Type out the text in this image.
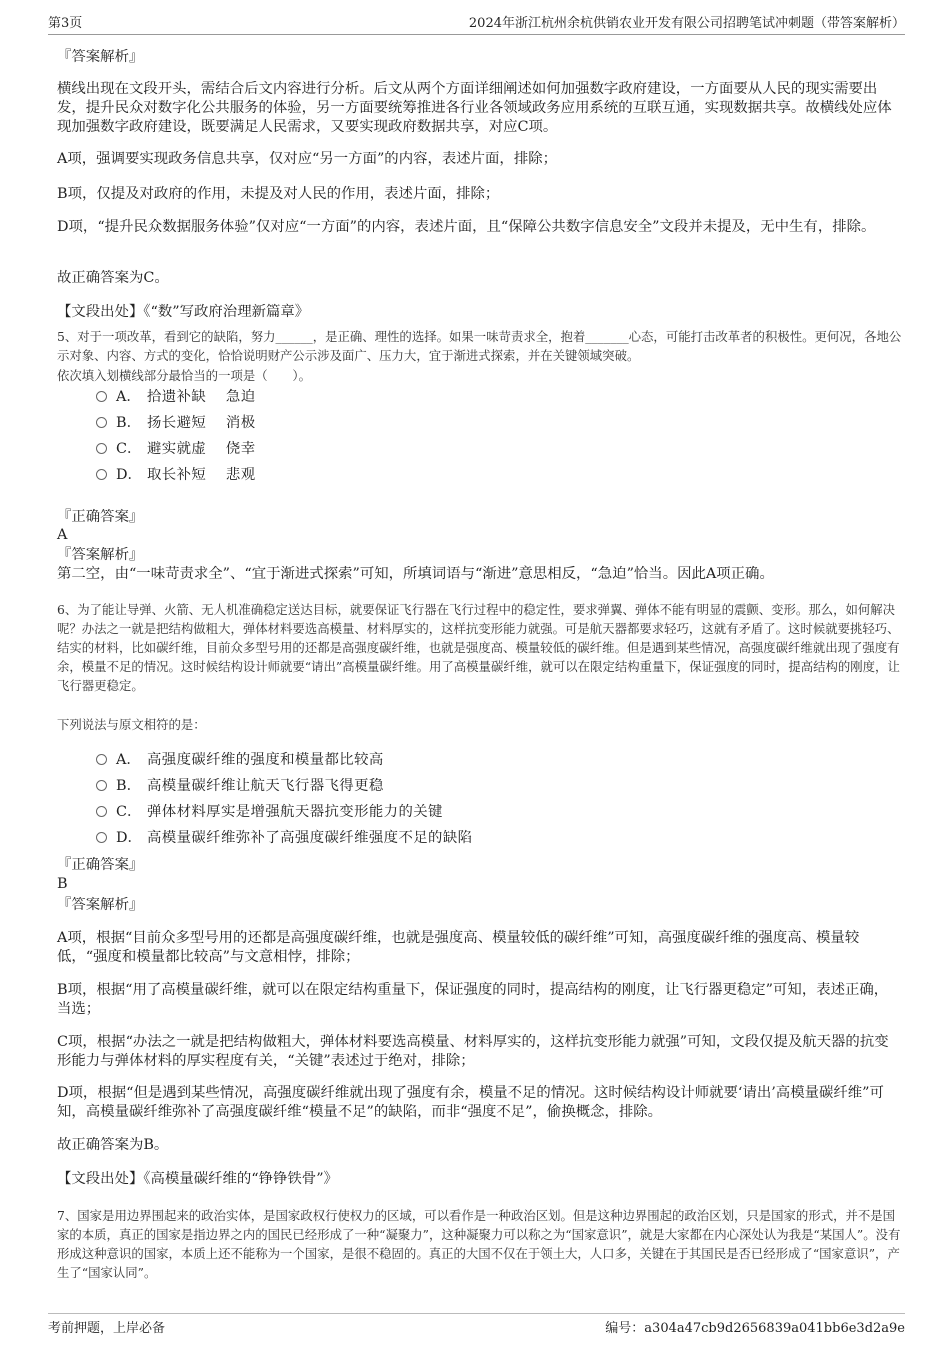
第3页	2024年浙江杭州余杭供销农业开发有限公司招聘笔试冲刺题（带答案解析）

『答案解析』

横线出现在文段开头，需结合后文内容进行分析。后文从两个方面详细阐述如何加强数字政府建设，一方面要从人民的现实需要出发，提升民众对数字化公共服务的体验，另一方面要统筹推进各行业各领域政务应用系统的互联互通，实现数据共享。故横线处应体现加强数字政府建设，既要满足人民需求，又要实现政府数据共享，对应C项。

A项，强调要实现政务信息共享，仅对应“另一方面”的内容，表述片面，排除；

B项，仅提及对政府的作用，未提及对人民的作用，表述片面，排除；

D项，“提升民众数据服务体验”仅对应“一方面”的内容，表述片面，且“保障公共数字信息安全”文段并未提及，无中生有，排除。

故正确答案为C。

【文段出处】《“数”写政府治理新篇章》

5、对于一项改革，看到它的缺陷，努力______，是正确、理性的选择。如果一味苛责求全，抱着_______心态，可能打击改革者的积极性。更何况，各地公示对象、内容、方式的变化，恰恰说明财产公示涉及面广、压力大，宜于渐进式探索，并在关键领域突破。

依次填入划横线部分最恰当的一项是（　　）。

A． 拾遗补缺　 急迫
B． 扬长避短　 消极
C． 避实就虚　 侥幸
D． 取长补短　 悲观

『正确答案』

A

『答案解析』

第二空，由“一味苛责求全”、“宜于渐进式探索”可知，所填词语与“渐进”意思相反，“急迫”恰当。因此A项正确。

6、为了能让导弹、火箭、无人机准确稳定送达目标，就要保证飞行器在飞行过程中的稳定性，要求弹翼、弹体不能有明显的震颤、变形。那么，如何解决呢？办法之一就是把结构做粗大，弹体材料要选高模量、材料厚实的，这样抗变形能力就强。可是航天器都要求轻巧，这就有矛盾了。这时候就要挑轻巧、结实的材料，比如碳纤维，目前众多型号用的还都是高强度碳纤维，也就是强度高、模量较低的碳纤维。但是遇到某些情况，高强度碳纤维就出现了强度有余，模量不足的情况。这时候结构设计师就要“请出”高模量碳纤维。用了高模量碳纤维，就可以在限定结构重量下，保证强度的同时，提高结构的刚度，让飞行器更稳定。

下列说法与原文相符的是：

A． 高强度碳纤维的强度和模量都比较高
B． 高模量碳纤维让航天飞行器飞得更稳
C． 弹体材料厚实是增强航天器抗变形能力的关键
D． 高模量碳纤维弥补了高强度碳纤维强度不足的缺陷

『正确答案』

B

『答案解析』

A项，根据“目前众多型号用的还都是高强度碳纤维，也就是强度高、模量较低的碳纤维”可知，高强度碳纤维的强度高、模量较低，“强度和模量都比较高”与文意相悖，排除；

B项，根据“用了高模量碳纤维，就可以在限定结构重量下，保证强度的同时，提高结构的刚度，让飞行器更稳定”可知，表述正确，当选；

C项，根据“办法之一就是把结构做粗大，弹体材料要选高模量、材料厚实的，这样抗变形能力就强”可知，文段仅提及航天器的抗变形能力与弹体材料的厚实程度有关，“关键”表述过于绝对，排除；

D项，根据“但是遇到某些情况，高强度碳纤维就出现了强度有余，模量不足的情况。这时候结构设计师就要‘请出’高模量碳纤维”可知，高模量碳纤维弥补了高强度碳纤维“模量不足”的缺陷，而非“强度不足”，偷换概念，排除。

故正确答案为B。

【文段出处】《高模量碳纤维的“铮铮铁骨”》

7、国家是用边界围起来的政治实体，是国家政权行使权力的区域，可以看作是一种政治区划。但是这种边界围起的政治区划，只是国家的形式，并不是国家的本质，真正的国家是指边界之内的国民已经形成了一种“凝聚力”，这种凝聚力可以称之为“国家意识”，就是大家都在内心深处认为我是“某国人”。没有形成这种意识的国家，本质上还不能称为一个国家，是很不稳固的。真正的大国不仅在于领土大，人口多，关键在于其国民是否已经形成了“国家意识”，产生了“国家认同”。

考前押题，上岸必备	编号：a304a47cb9d2656839a041bb6e3d2a9e
